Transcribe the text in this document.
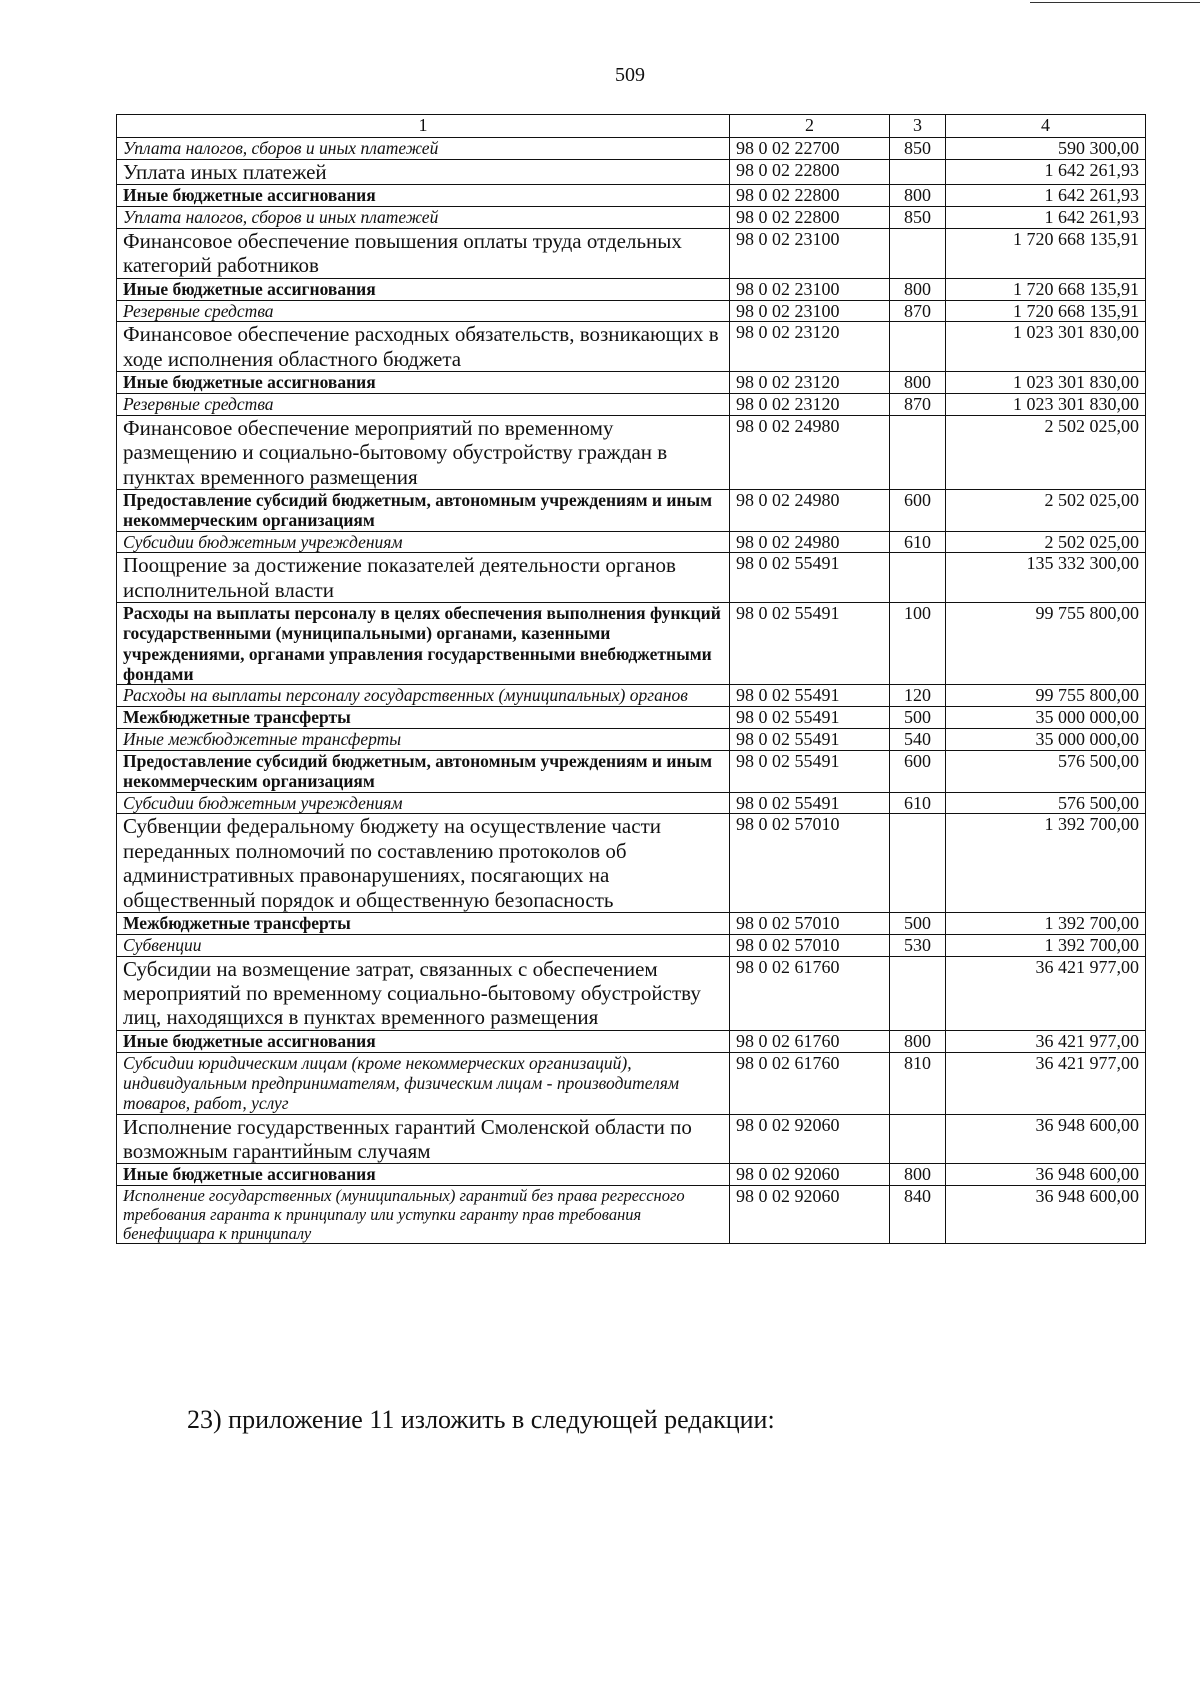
509
1	2	3	4
Уплата налогов, сборов и иных платежей	98 0 02 22700	850	590 300,00
Уплата иных платежей	98 0 02 22800		1 642 261,93
Иные бюджетные ассигнования	98 0 02 22800	800	1 642 261,93
Уплата налогов, сборов и иных платежей	98 0 02 22800	850	1 642 261,93
Финансовое обеспечение повышения оплаты труда отдельных категорий работников	98 0 02 23100		1 720 668 135,91
Иные бюджетные ассигнования	98 0 02 23100	800	1 720 668 135,91
Резервные средства	98 0 02 23100	870	1 720 668 135,91
Финансовое обеспечение расходных обязательств, возникающих в ходе исполнения областного бюджета	98 0 02 23120		1 023 301 830,00
Иные бюджетные ассигнования	98 0 02 23120	800	1 023 301 830,00
Резервные средства	98 0 02 23120	870	1 023 301 830,00
Финансовое обеспечение мероприятий по временному размещению и социально-бытовому обустройству граждан в пунктах временного размещения	98 0 02 24980		2 502 025,00
Предоставление субсидий бюджетным, автономным учреждениям и иным некоммерческим организациям	98 0 02 24980	600	2 502 025,00
Субсидии бюджетным учреждениям	98 0 02 24980	610	2 502 025,00
Поощрение за достижение показателей деятельности органов исполнительной власти	98 0 02 55491		135 332 300,00
Расходы на выплаты персоналу в целях обеспечения выполнения функций государственными (муниципальными) органами, казенными учреждениями, органами управления государственными внебюджетными фондами	98 0 02 55491	100	99 755 800,00
Расходы на выплаты персоналу государственных (муниципальных) органов	98 0 02 55491	120	99 755 800,00
Межбюджетные трансферты	98 0 02 55491	500	35 000 000,00
Иные межбюджетные трансферты	98 0 02 55491	540	35 000 000,00
Предоставление субсидий бюджетным, автономным учреждениям и иным некоммерческим организациям	98 0 02 55491	600	576 500,00
Субсидии бюджетным учреждениям	98 0 02 55491	610	576 500,00
Субвенции федеральному бюджету на осуществление части переданных полномочий по составлению протоколов об административных правонарушениях, посягающих на общественный порядок и общественную безопасность	98 0 02 57010		1 392 700,00
Межбюджетные трансферты	98 0 02 57010	500	1 392 700,00
Субвенции	98 0 02 57010	530	1 392 700,00
Субсидии на возмещение затрат, связанных с обеспечением мероприятий по временному социально-бытовому обустройству лиц, находящихся в пунктах временного размещения	98 0 02 61760		36 421 977,00
Иные бюджетные ассигнования	98 0 02 61760	800	36 421 977,00
Субсидии юридическим лицам (кроме некоммерческих организаций), индивидуальным предпринимателям, физическим лицам - производителям товаров, работ, услуг	98 0 02 61760	810	36 421 977,00
Исполнение государственных гарантий Смоленской области по возможным гарантийным случаям	98 0 02 92060		36 948 600,00
Иные бюджетные ассигнования	98 0 02 92060	800	36 948 600,00
Исполнение государственных (муниципальных) гарантий без права регрессного требования гаранта к принципалу или уступки гаранту прав требования бенефициара к принципалу	98 0 02 92060	840	36 948 600,00
23) приложение 11 изложить в следующей редакции:
